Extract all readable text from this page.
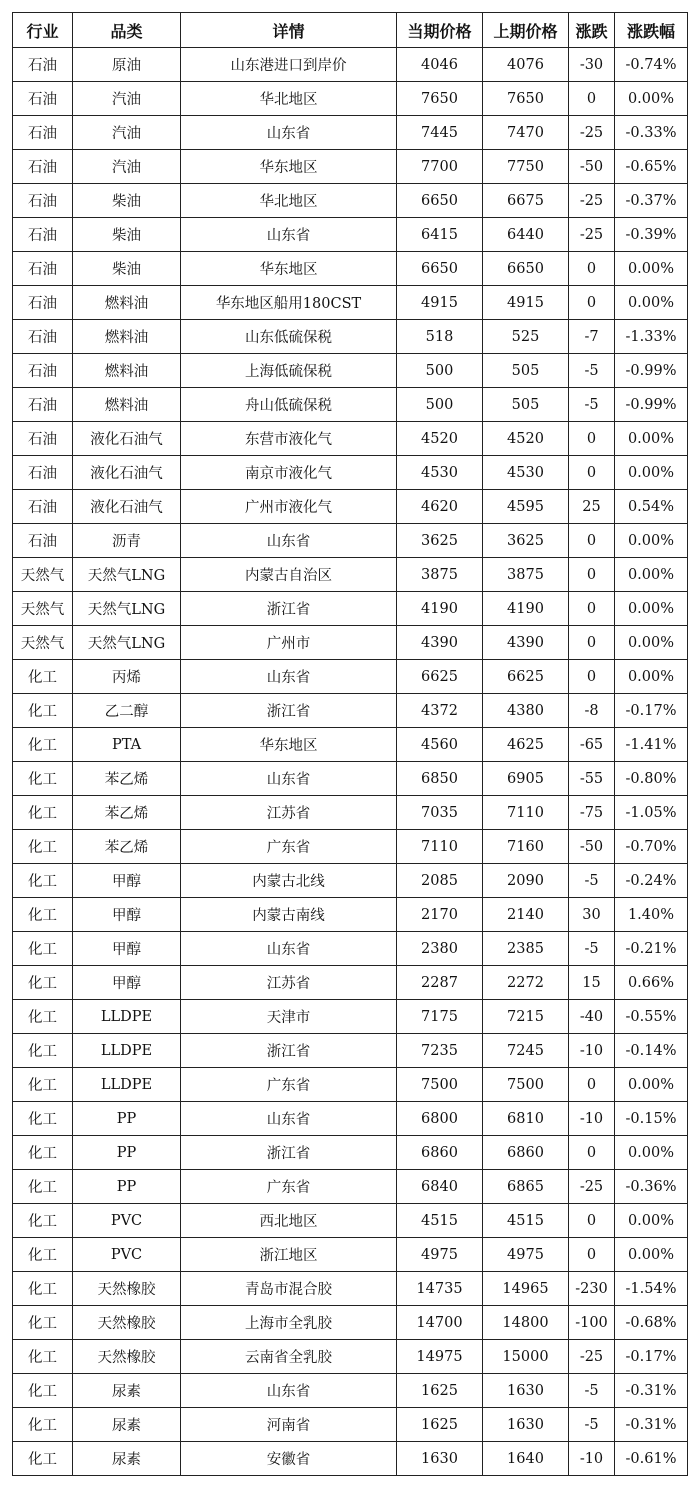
行业	品类	详情	当期价格	上期价格	涨跌	涨跌幅
石油	原油	山东港进口到岸价	4046	4076	-30	-0.74%
石油	汽油	华北地区	7650	7650	0	0.00%
石油	汽油	山东省	7445	7470	-25	-0.33%
石油	汽油	华东地区	7700	7750	-50	-0.65%
石油	柴油	华北地区	6650	6675	-25	-0.37%
石油	柴油	山东省	6415	6440	-25	-0.39%
石油	柴油	华东地区	6650	6650	0	0.00%
石油	燃料油	华东地区船用180CST	4915	4915	0	0.00%
石油	燃料油	山东低硫保税	518	525	-7	-1.33%
石油	燃料油	上海低硫保税	500	505	-5	-0.99%
石油	燃料油	舟山低硫保税	500	505	-5	-0.99%
石油	液化石油气	东营市液化气	4520	4520	0	0.00%
石油	液化石油气	南京市液化气	4530	4530	0	0.00%
石油	液化石油气	广州市液化气	4620	4595	25	0.54%
石油	沥青	山东省	3625	3625	0	0.00%
天然气	天然气LNG	内蒙古自治区	3875	3875	0	0.00%
天然气	天然气LNG	浙江省	4190	4190	0	0.00%
天然气	天然气LNG	广州市	4390	4390	0	0.00%
化工	丙烯	山东省	6625	6625	0	0.00%
化工	乙二醇	浙江省	4372	4380	-8	-0.17%
化工	PTA	华东地区	4560	4625	-65	-1.41%
化工	苯乙烯	山东省	6850	6905	-55	-0.80%
化工	苯乙烯	江苏省	7035	7110	-75	-1.05%
化工	苯乙烯	广东省	7110	7160	-50	-0.70%
化工	甲醇	内蒙古北线	2085	2090	-5	-0.24%
化工	甲醇	内蒙古南线	2170	2140	30	1.40%
化工	甲醇	山东省	2380	2385	-5	-0.21%
化工	甲醇	江苏省	2287	2272	15	0.66%
化工	LLDPE	天津市	7175	7215	-40	-0.55%
化工	LLDPE	浙江省	7235	7245	-10	-0.14%
化工	LLDPE	广东省	7500	7500	0	0.00%
化工	PP	山东省	6800	6810	-10	-0.15%
化工	PP	浙江省	6860	6860	0	0.00%
化工	PP	广东省	6840	6865	-25	-0.36%
化工	PVC	西北地区	4515	4515	0	0.00%
化工	PVC	浙江地区	4975	4975	0	0.00%
化工	天然橡胶	青岛市混合胶	14735	14965	-230	-1.54%
化工	天然橡胶	上海市全乳胶	14700	14800	-100	-0.68%
化工	天然橡胶	云南省全乳胶	14975	15000	-25	-0.17%
化工	尿素	山东省	1625	1630	-5	-0.31%
化工	尿素	河南省	1625	1630	-5	-0.31%
化工	尿素	安徽省	1630	1640	-10	-0.61%
